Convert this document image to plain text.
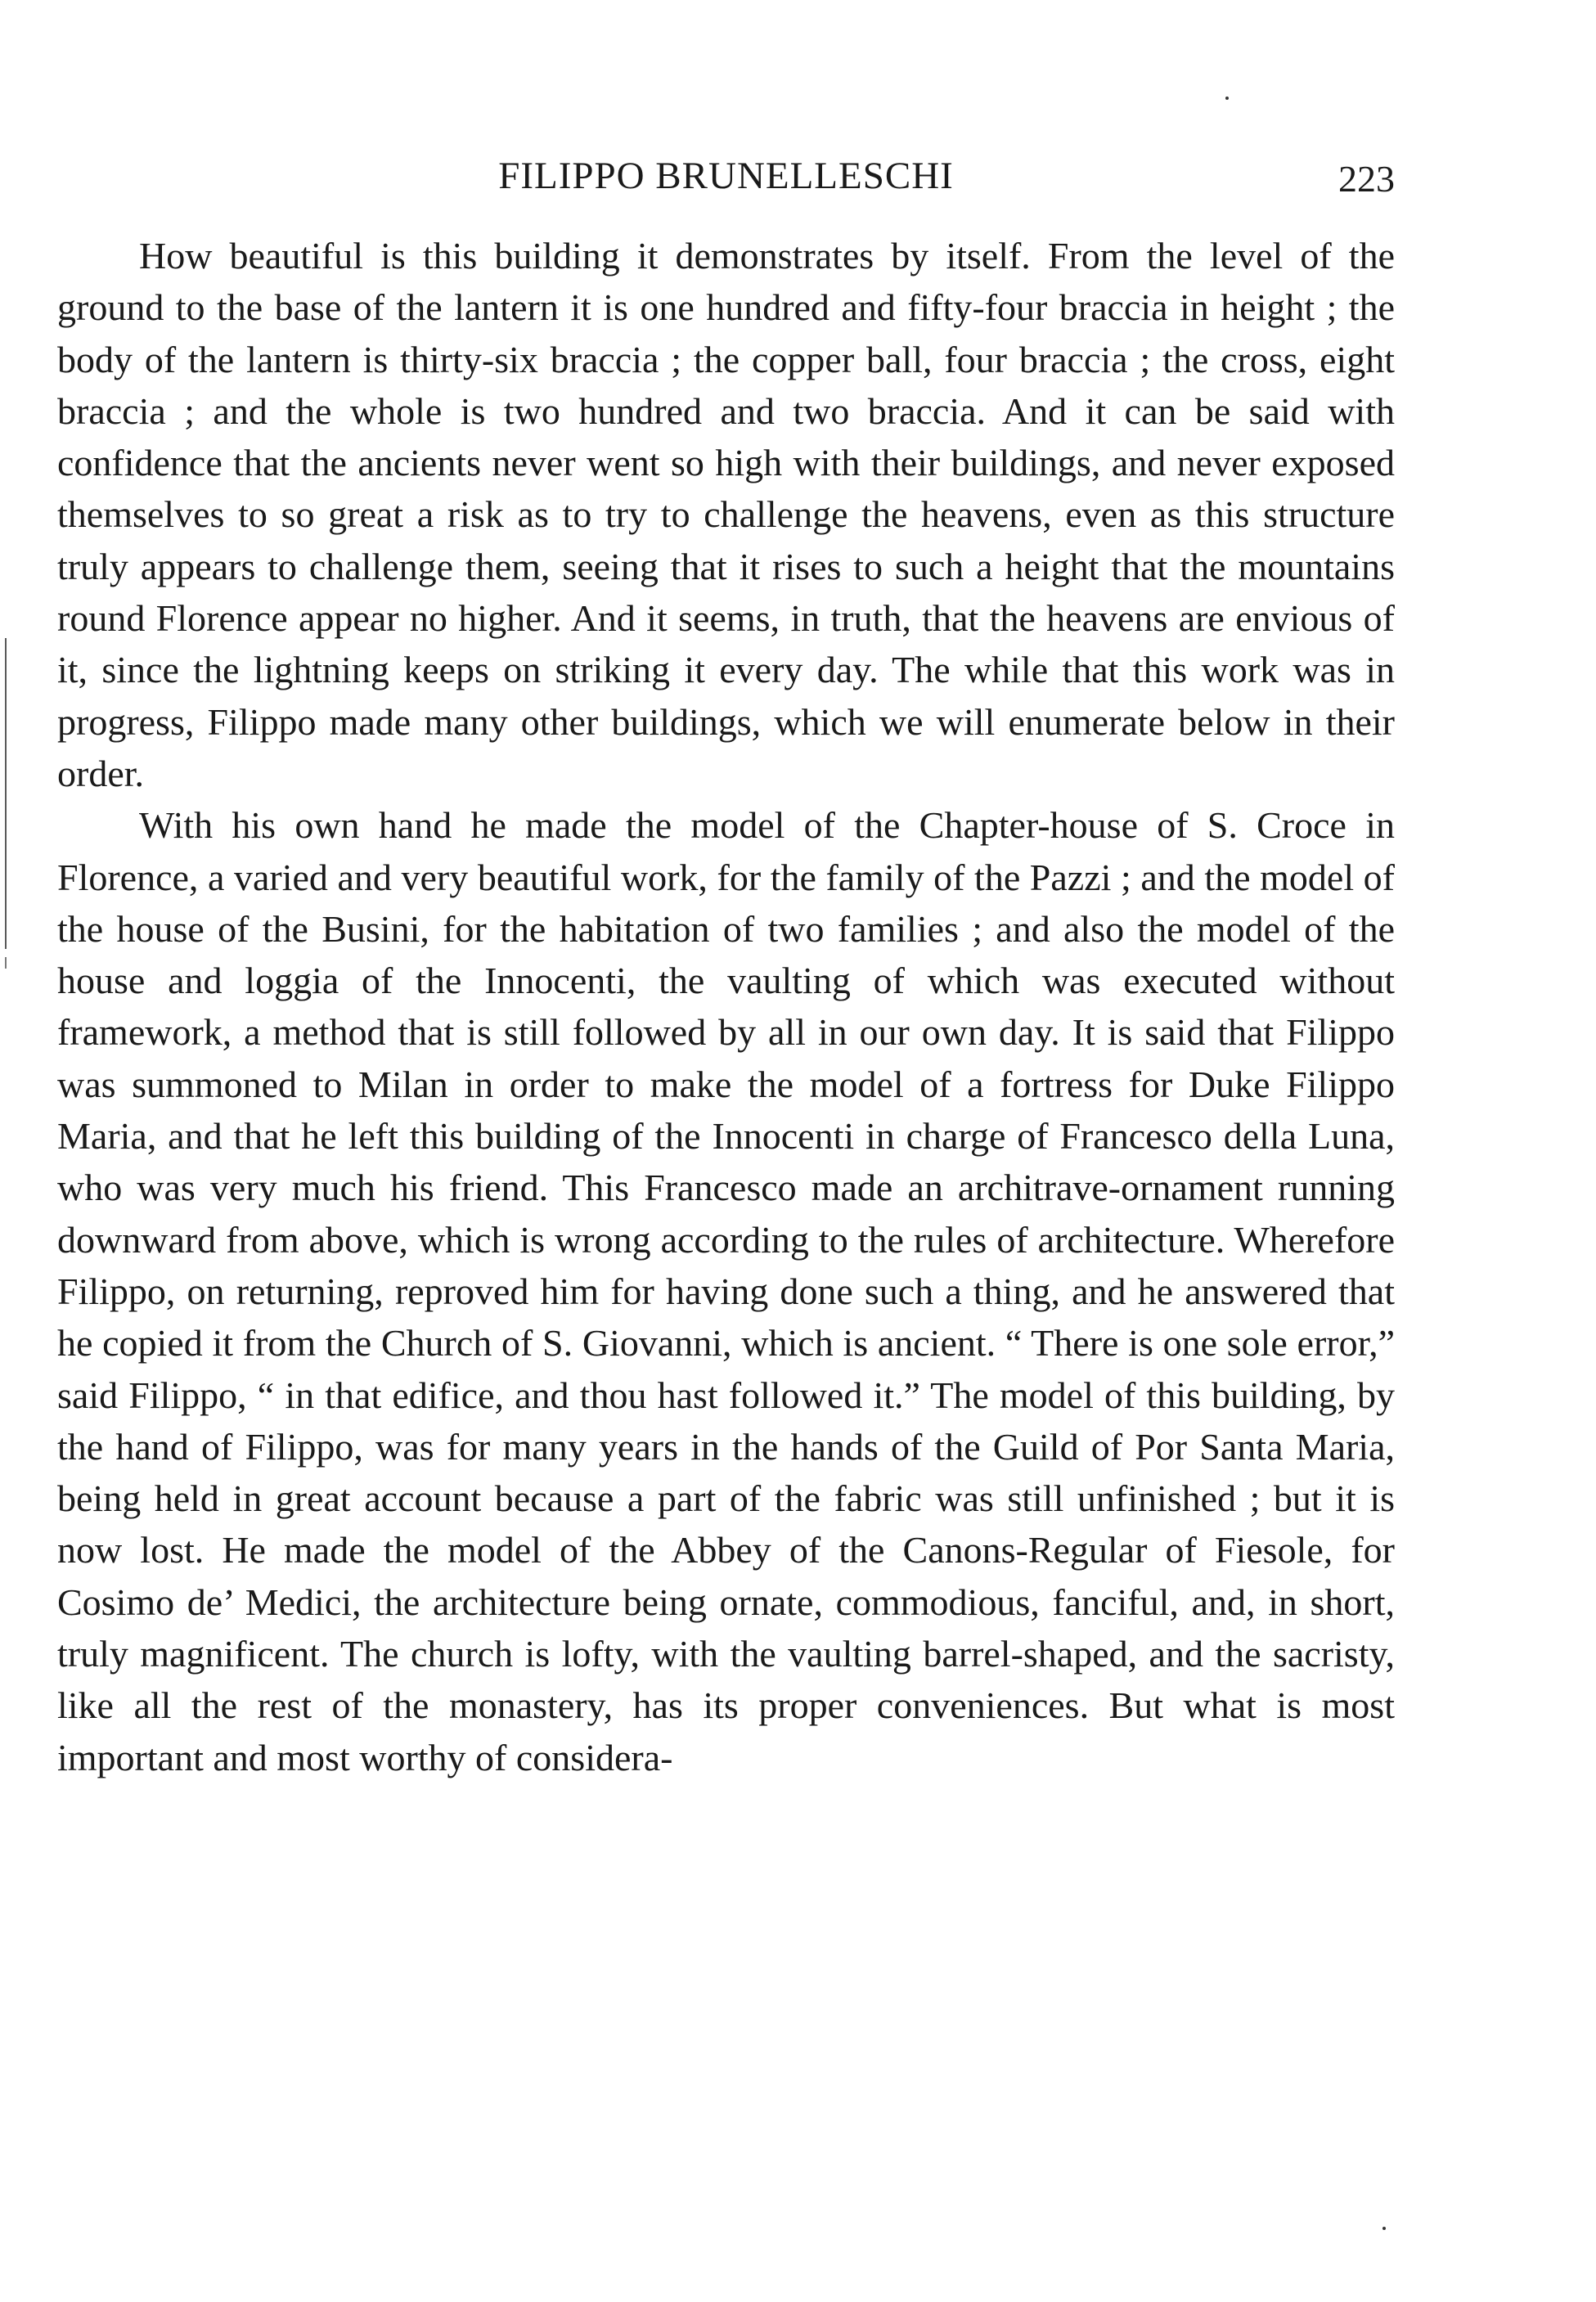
FILIPPO BRUNELLESCHI	223

How beautiful is this building it demonstrates by itself. From the level of the ground to the base of the lantern it is one hundred and fifty-four braccia in height ; the body of the lantern is thirty-six braccia ; the copper ball, four braccia ; the cross, eight braccia ; and the whole is two hundred and two braccia. And it can be said with confidence that the ancients never went so high with their buildings, and never exposed themselves to so great a risk as to try to challenge the heavens, even as this structure truly appears to challenge them, seeing that it rises to such a height that the mountains round Florence appear no higher. And it seems, in truth, that the heavens are envious of it, since the lightning keeps on striking it every day. The while that this work was in progress, Filippo made many other buildings, which we will enumerate below in their order.

With his own hand he made the model of the Chapter-house of S. Croce in Florence, a varied and very beautiful work, for the family of the Pazzi ; and the model of the house of the Busini, for the habitation of two families ; and also the model of the house and loggia of the Innocenti, the vaulting of which was executed without framework, a method that is still followed by all in our own day. It is said that Filippo was summoned to Milan in order to make the model of a fortress for Duke Filippo Maria, and that he left this building of the Innocenti in charge of Francesco della Luna, who was very much his friend. This Francesco made an architrave-ornament running downward from above, which is wrong according to the rules of architecture. Wherefore Filippo, on returning, reproved him for having done such a thing, and he answered that he copied it from the Church of S. Giovanni, which is ancient. “ There is one sole error,” said Filippo, “ in that edifice, and thou hast followed it.” The model of this building, by the hand of Filippo, was for many years in the hands of the Guild of Por Santa Maria, being held in great account because a part of the fabric was still unfinished ; but it is now lost. He made the model of the Abbey of the Canons-Regular of Fiesole, for Cosimo de’ Medici, the architecture being ornate, commodious, fanciful, and, in short, truly magnificent. The church is lofty, with the vaulting barrel-shaped, and the sacristy, like all the rest of the monastery, has its proper conveniences. But what is most important and most worthy of considera-
